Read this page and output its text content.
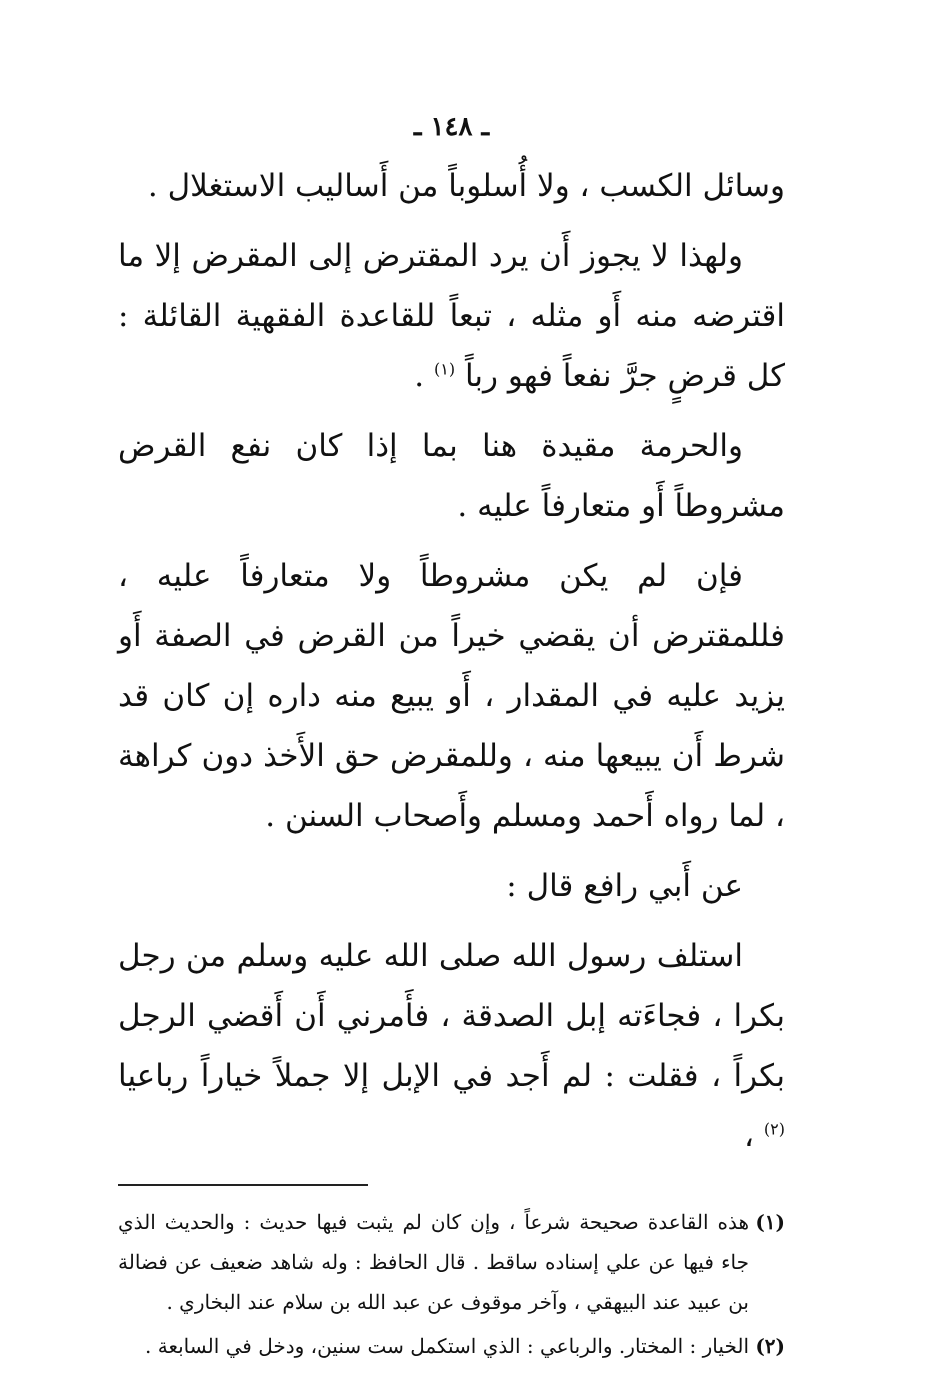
ـ ١٤٨ ـ

وسائل الكسب ، ولا أُسلوباً من أَساليب الاستغلال .

ولهذا لا يجوز أَن يرد المقترض إلى المقرض إلا ما اقترضه منه أَو مثله ، تبعاً للقاعدة الفقهية القائلة : كل قرضٍ جرَّ نفعاً فهو رباً $^{(١)}$ .

والحرمة مقيدة هنا بما إذا كان نفع القرض مشروطاً أَو متعارفاً عليه .

فإن لم يكن مشروطاً ولا متعارفاً عليه ، فللمقترض أن يقضي خيراً من القرض في الصفة أَو يزيد عليه في المقدار ، أَو يبيع منه داره إن كان قد شرط أَن يبيعها منه ، وللمقرض حق الأَخذ دون كراهة ، لما رواه أَحمد ومسلم وأَصحاب السنن .

عن أَبي رافع قال :

استلف رسول الله صلى الله عليه وسلم من رجل بكرا ، فجاءَته إبل الصدقة ، فأَمرني أَن أَقضي الرجل بكراً ، فقلت : لم أَجد في الإبل إلا جملاً خياراً رباعيا $^{(٢)}$ ،

(١)
هذه القاعدة صحيحة شرعاً ، وإن كان لم يثبت فيها حديث : والحديث الذي جاء فيها عن علي إسناده ساقط . قال الحافظ : وله شاهد ضعيف عن فضالة بن عبيد عند البيهقي ، وآخر موقوف عن عبد الله بن سلام عند البخاري .
(٢)
الخيار : المختار. والرباعي : الذي استكمل ست سنين، ودخل في السابعة .
